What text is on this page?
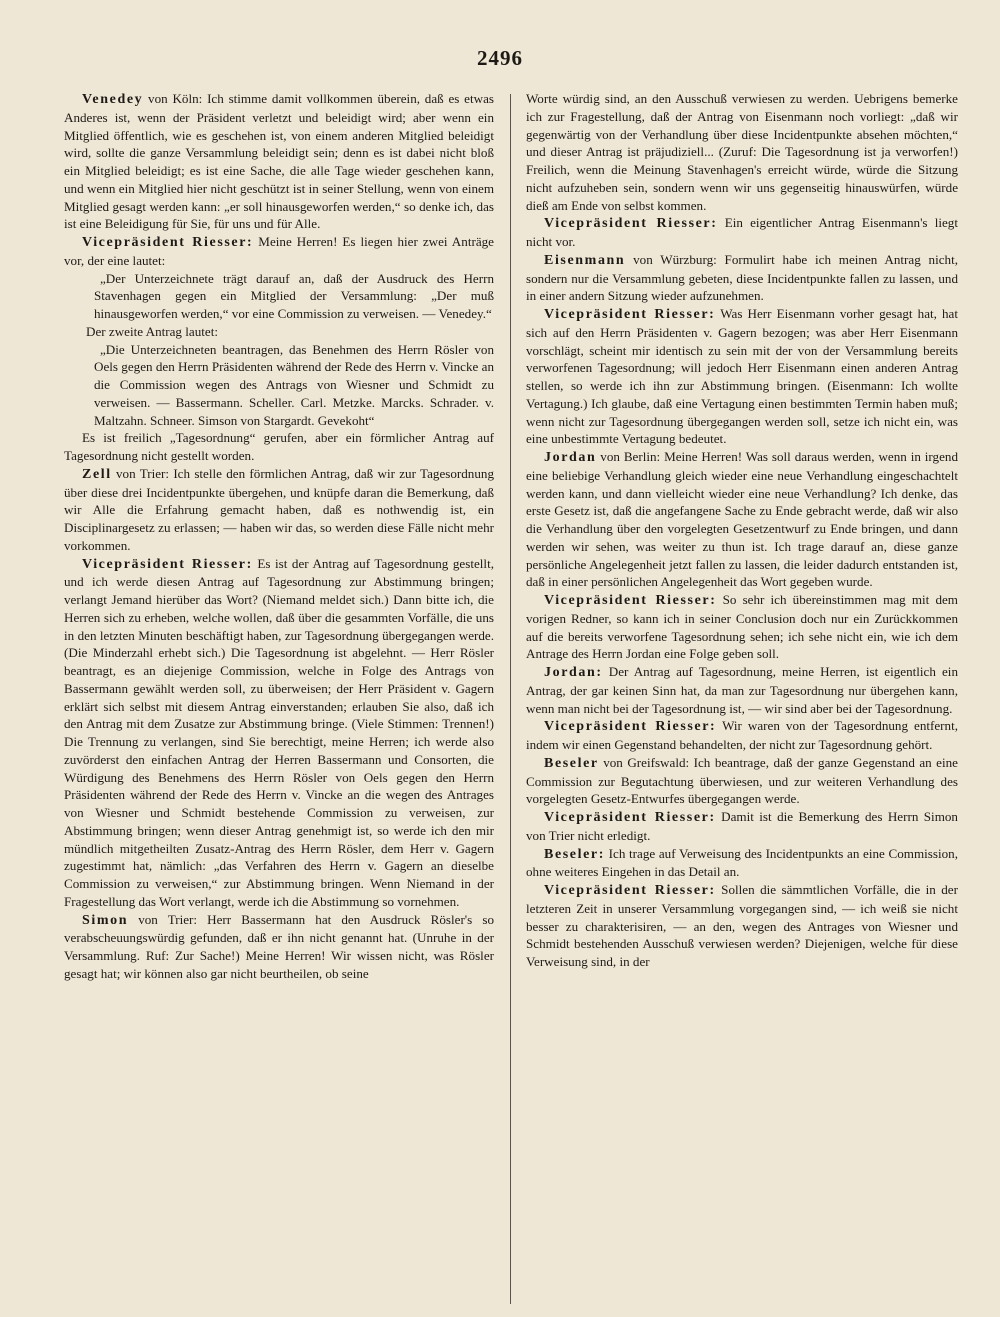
2496

Venedey von Köln: Ich stimme damit vollkommen überein, daß es etwas Anderes ist, wenn der Präsident verletzt und beleidigt wird; aber wenn ein Mitglied öffentlich, wie es geschehen ist, von einem anderen Mitglied beleidigt wird, sollte die ganze Versammlung beleidigt sein; denn es ist dabei nicht bloß ein Mitglied beleidigt; es ist eine Sache, die alle Tage wieder geschehen kann, und wenn ein Mitglied hier nicht geschützt ist in seiner Stellung, wenn von einem Mitglied gesagt werden kann: „er soll hinausgeworfen werden,“ so denke ich, das ist eine Beleidigung für Sie, für uns und für Alle.

Vicepräsident Riesser: Meine Herren! Es liegen hier zwei Anträge vor, der eine lautet:

„Der Unterzeichnete trägt darauf an, daß der Ausdruck des Herrn Stavenhagen gegen ein Mitglied der Versammlung: „Der muß hinausgeworfen werden,“ vor eine Commission zu verweisen. — Venedey.“

Der zweite Antrag lautet:

„Die Unterzeichneten beantragen, das Benehmen des Herrn Rösler von Oels gegen den Herrn Präsidenten während der Rede des Herrn v. Vincke an die Commission wegen des Antrags von Wiesner und Schmidt zu verweisen. — Bassermann. Scheller. Carl. Metzke. Marcks. Schrader. v. Maltzahn. Schneer. Simson von Stargardt. Gevekoht“

Es ist freilich „Tagesordnung“ gerufen, aber ein förmlicher Antrag auf Tagesordnung nicht gestellt worden.

Zell von Trier: Ich stelle den förmlichen Antrag, daß wir zur Tagesordnung über diese drei Incidentpunkte übergehen, und knüpfe daran die Bemerkung, daß wir Alle die Erfahrung gemacht haben, daß es nothwendig ist, ein Disciplinargesetz zu erlassen; — haben wir das, so werden diese Fälle nicht mehr vorkommen.

Vicepräsident Riesser: Es ist der Antrag auf Tagesordnung gestellt, und ich werde diesen Antrag auf Tagesordnung zur Abstimmung bringen; verlangt Jemand hierüber das Wort? (Niemand meldet sich.) Dann bitte ich, die Herren sich zu erheben, welche wollen, daß über die gesammten Vorfälle, die uns in den letzten Minuten beschäftigt haben, zur Tagesordnung übergegangen werde. (Die Minderzahl erhebt sich.) Die Tagesordnung ist abgelehnt. — Herr Rösler beantragt, es an diejenige Commission, welche in Folge des Antrags von Bassermann gewählt werden soll, zu überweisen; der Herr Präsident v. Gagern erklärt sich selbst mit diesem Antrag einverstanden; erlauben Sie also, daß ich den Antrag mit dem Zusatze zur Abstimmung bringe. (Viele Stimmen: Trennen!) Die Trennung zu verlangen, sind Sie berechtigt, meine Herren; ich werde also zuvörderst den einfachen Antrag der Herren Bassermann und Consorten, die Würdigung des Benehmens des Herrn Rösler von Oels gegen den Herrn Präsidenten während der Rede des Herrn v. Vincke an die wegen des Antrages von Wiesner und Schmidt bestehende Commission zu verweisen, zur Abstimmung bringen; wenn dieser Antrag genehmigt ist, so werde ich den mir mündlich mitgetheilten Zusatz-Antrag des Herrn Rösler, dem Herr v. Gagern zugestimmt hat, nämlich: „das Verfahren des Herrn v. Gagern an dieselbe Commission zu verweisen,“ zur Abstimmung bringen. Wenn Niemand in der Fragestellung das Wort verlangt, werde ich die Abstimmung so vornehmen.

Simon von Trier: Herr Bassermann hat den Ausdruck Rösler's so verabscheuungswürdig gefunden, daß er ihn nicht genannt hat. (Unruhe in der Versammlung. Ruf: Zur Sache!) Meine Herren! Wir wissen nicht, was Rösler gesagt hat; wir können also gar nicht beurtheilen, ob seine

Worte würdig sind, an den Ausschuß verwiesen zu werden. Uebrigens bemerke ich zur Fragestellung, daß der Antrag von Eisenmann noch vorliegt: „daß wir gegenwärtig von der Verhandlung über diese Incidentpunkte absehen möchten,“ und dieser Antrag ist präjudiziell... (Zuruf: Die Tagesordnung ist ja verworfen!) Freilich, wenn die Meinung Stavenhagen's erreicht würde, würde die Sitzung nicht aufzuheben sein, sondern wenn wir uns gegenseitig hinauswürfen, würde dieß am Ende von selbst kommen.

Vicepräsident Riesser: Ein eigentlicher Antrag Eisenmann's liegt nicht vor.

Eisenmann von Würzburg: Formulirt habe ich meinen Antrag nicht, sondern nur die Versammlung gebeten, diese Incidentpunkte fallen zu lassen, und in einer andern Sitzung wieder aufzunehmen.

Vicepräsident Riesser: Was Herr Eisenmann vorher gesagt hat, hat sich auf den Herrn Präsidenten v. Gagern bezogen; was aber Herr Eisenmann vorschlägt, scheint mir identisch zu sein mit der von der Versammlung bereits verworfenen Tagesordnung; will jedoch Herr Eisenmann einen anderen Antrag stellen, so werde ich ihn zur Abstimmung bringen. (Eisenmann: Ich wollte Vertagung.) Ich glaube, daß eine Vertagung einen bestimmten Termin haben muß; wenn nicht zur Tagesordnung übergegangen werden soll, setze ich nicht ein, was eine unbestimmte Vertagung bedeutet.

Jordan von Berlin: Meine Herren! Was soll daraus werden, wenn in irgend eine beliebige Verhandlung gleich wieder eine neue Verhandlung eingeschachtelt werden kann, und dann vielleicht wieder eine neue Verhandlung? Ich denke, das erste Gesetz ist, daß die angefangene Sache zu Ende gebracht werde, daß wir also die Verhandlung über den vorgelegten Gesetzentwurf zu Ende bringen, und dann werden wir sehen, was weiter zu thun ist. Ich trage darauf an, diese ganze persönliche Angelegenheit jetzt fallen zu lassen, die leider dadurch entstanden ist, daß in einer persönlichen Angelegenheit das Wort gegeben wurde.

Vicepräsident Riesser: So sehr ich übereinstimmen mag mit dem vorigen Redner, so kann ich in seiner Conclusion doch nur ein Zurückkommen auf die bereits verworfene Tagesordnung sehen; ich sehe nicht ein, wie ich dem Antrage des Herrn Jordan eine Folge geben soll.

Jordan: Der Antrag auf Tagesordnung, meine Herren, ist eigentlich ein Antrag, der gar keinen Sinn hat, da man zur Tagesordnung nur übergehen kann, wenn man nicht bei der Tagesordnung ist, — wir sind aber bei der Tagesordnung.

Vicepräsident Riesser: Wir waren von der Tagesordnung entfernt, indem wir einen Gegenstand behandelten, der nicht zur Tagesordnung gehört.

Beseler von Greifswald: Ich beantrage, daß der ganze Gegenstand an eine Commission zur Begutachtung überwiesen, und zur weiteren Verhandlung des vorgelegten Gesetz-Entwurfes übergegangen werde.

Vicepräsident Riesser: Damit ist die Bemerkung des Herrn Simon von Trier nicht erledigt.

Beseler: Ich trage auf Verweisung des Incidentpunkts an eine Commission, ohne weiteres Eingehen in das Detail an.

Vicepräsident Riesser: Sollen die sämmtlichen Vorfälle, die in der letzteren Zeit in unserer Versammlung vorgegangen sind, — ich weiß sie nicht besser zu charakterisiren, — an den, wegen des Antrages von Wiesner und Schmidt bestehenden Ausschuß verwiesen werden? Diejenigen, welche für diese Verweisung sind, in der
